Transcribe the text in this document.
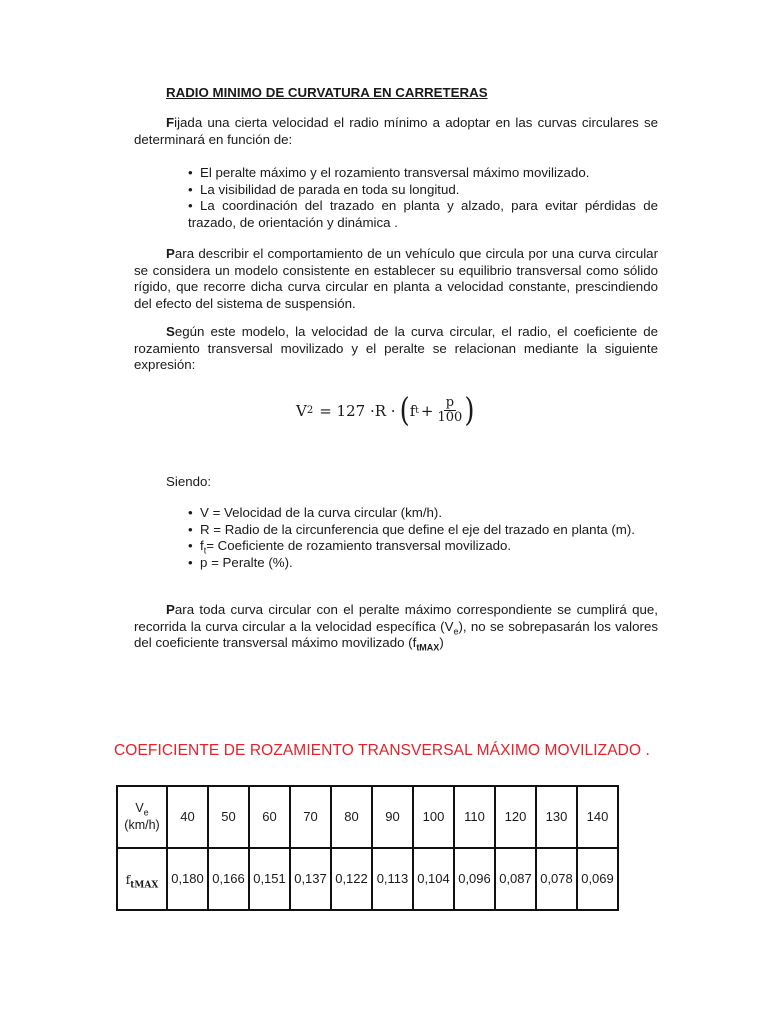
RADIO MINIMO DE CURVATURA EN CARRETERAS

Fijada una cierta velocidad el radio mínimo a adoptar en las curvas circulares se determinará en función de:

• El peralte máximo y el rozamiento transversal máximo movilizado.
• La visibilidad de parada en toda su longitud.
• La coordinación del trazado en planta y alzado, para evitar pérdidas de trazado, de orientación y dinámica .

Para describir el comportamiento de un vehículo que circula por una curva circular se considera un modelo consistente en establecer su equilibrio transversal como sólido rígido, que recorre dicha curva circular en planta a velocidad constante, prescindiendo del efecto del sistema de suspensión.

Según este modelo, la velocidad de la curva circular, el radio, el coeficiente de rozamiento transversal movilizado y el peralte se relacionan mediante la siguiente expresión:

V 2 = 127 ·R · ( f $t + \frac{p}{100}$ )
Siendo:
• V = Velocidad de la curva circular (km/h).
• R = Radio de la circunferencia que define el eje del trazado en planta (m).
• $f_t=$ Coeficiente de rozamiento transversal movilizado.
• p = Peralte (%).

Para toda curva circular con el peralte máximo correspondiente se cumplirá que, recorrida la curva circular a la velocidad específica $(V_e)$, no se sobrepasarán los valores del coeficiente transversal máximo movilizado $(f_{tMAX})$

COEFICIENTE DE ROZAMIENTO TRANSVERSAL MÁXIMO MOVILIZADO .
$V_e$
(km/h)	40	50	60	70	80	90	100	110	120	130	140
$f_{tMAX}$	0,180	0,166	0,151	0,137	0,122	0,113	0,104	0,096	0,087	0,078	0,069
